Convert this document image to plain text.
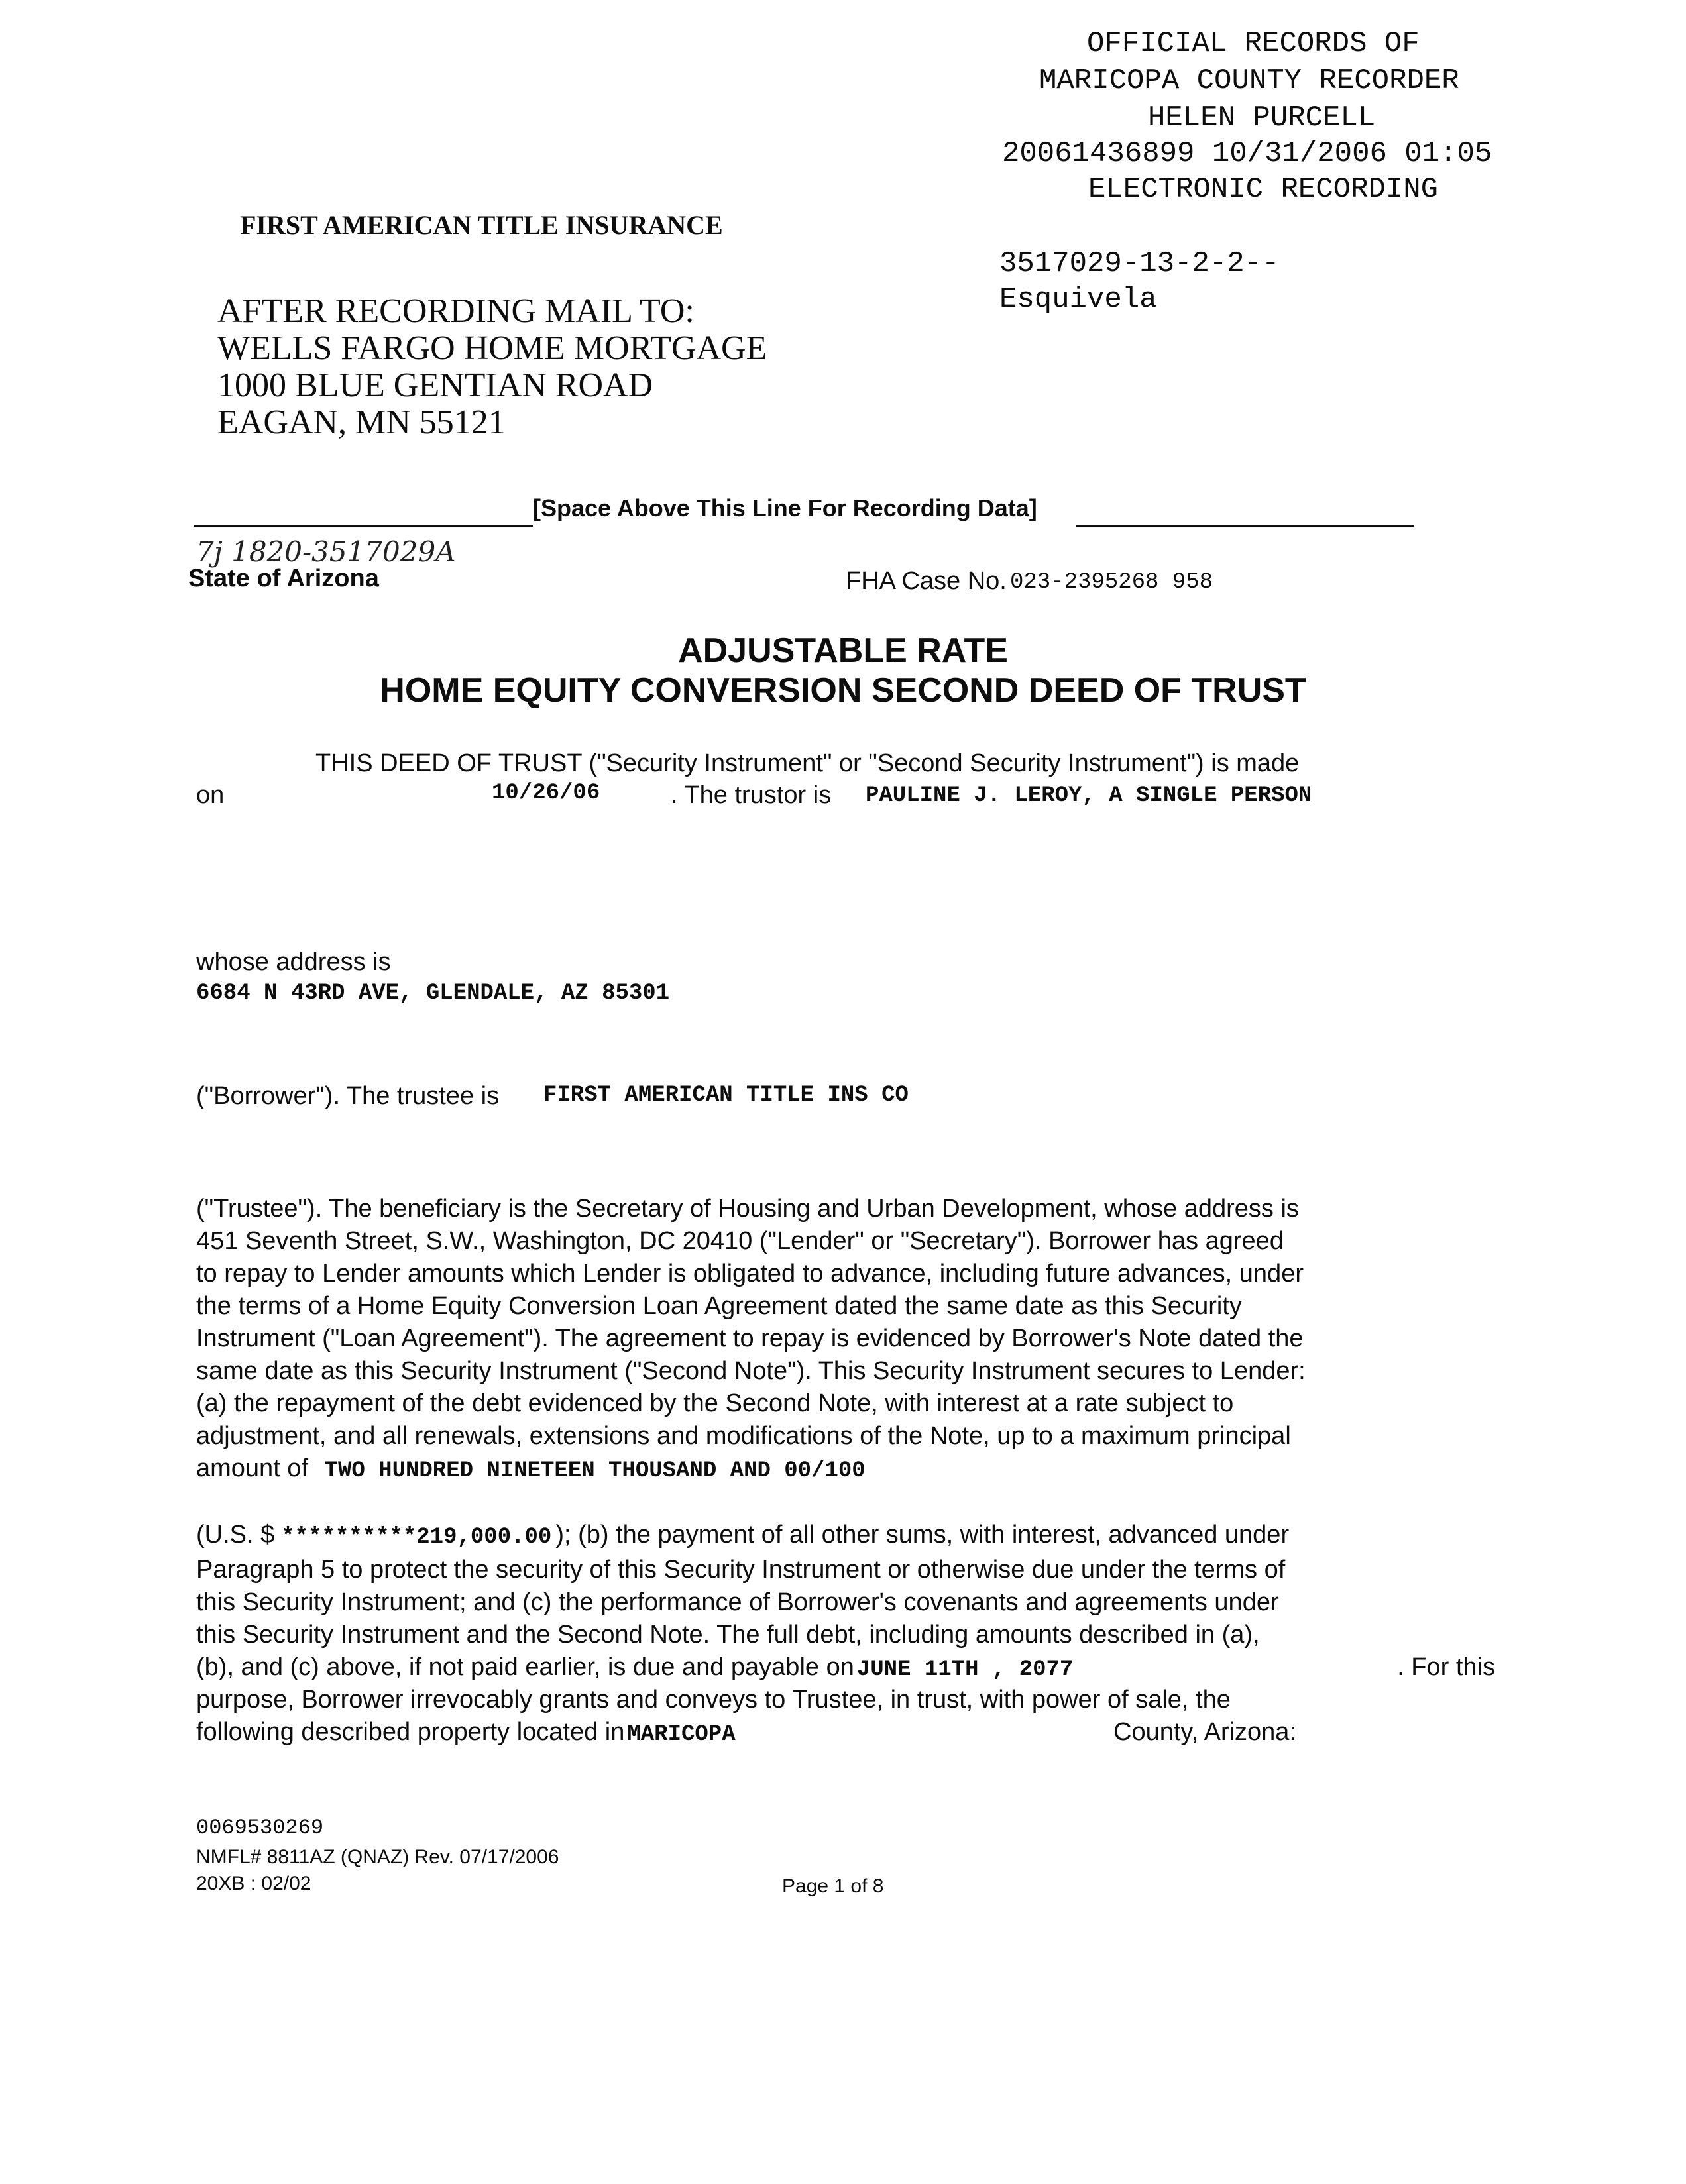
OFFICIAL RECORDS OF
MARICOPA COUNTY RECORDER
HELEN PURCELL
20061436899 10/31/2006 01:05
ELECTRONIC RECORDING
3517029-13-2-2--
Esquivela
FIRST AMERICAN TITLE INSURANCE
AFTER RECORDING MAIL TO:
WELLS FARGO HOME MORTGAGE
1000 BLUE GENTIAN ROAD
EAGAN, MN 55121
[Space Above This Line For Recording Data]
7j 1820-3517029A
State of Arizona	FHA Case No. 023-2395268 958
ADJUSTABLE RATE
HOME EQUITY CONVERSION SECOND DEED OF TRUST
THIS DEED OF TRUST ("Security Instrument" or "Second Security Instrument") is made
on	10/26/06	. The trustor is PAULINE J. LEROY, A SINGLE PERSON
whose address is
6684 N 43RD AVE, GLENDALE, AZ 85301
("Borrower"). The trustee is FIRST AMERICAN TITLE INS CO
("Trustee"). The beneficiary is the Secretary of Housing and Urban Development, whose address is
451 Seventh Street, S.W., Washington, DC 20410 ("Lender" or "Secretary"). Borrower has agreed
to repay to Lender amounts which Lender is obligated to advance, including future advances, under
the terms of a Home Equity Conversion Loan Agreement dated the same date as this Security
Instrument ("Loan Agreement"). The agreement to repay is evidenced by Borrower's Note dated the
same date as this Security Instrument ("Second Note"). This Security Instrument secures to Lender:
(a) the repayment of the debt evidenced by the Second Note, with interest at a rate subject to
adjustment, and all renewals, extensions and modifications of the Note, up to a maximum principal
amount of TWO HUNDRED NINETEEN THOUSAND AND 00/100
(U.S. $ **********219,000.00 ); (b) the payment of all other sums, with interest, advanced under
Paragraph 5 to protect the security of this Security Instrument or otherwise due under the terms of
this Security Instrument; and (c) the performance of Borrower's covenants and agreements under
this Security Instrument and the Second Note. The full debt, including amounts described in (a),
(b), and (c) above, if not paid earlier, is due and payable on JUNE 11TH , 2077	. For this
purpose, Borrower irrevocably grants and conveys to Trustee, in trust, with power of sale, the
following described property located in MARICOPA	County, Arizona:
0069530269
NMFL# 8811AZ (QNAZ) Rev. 07/17/2006
20XB : 02/02	Page 1 of 8
